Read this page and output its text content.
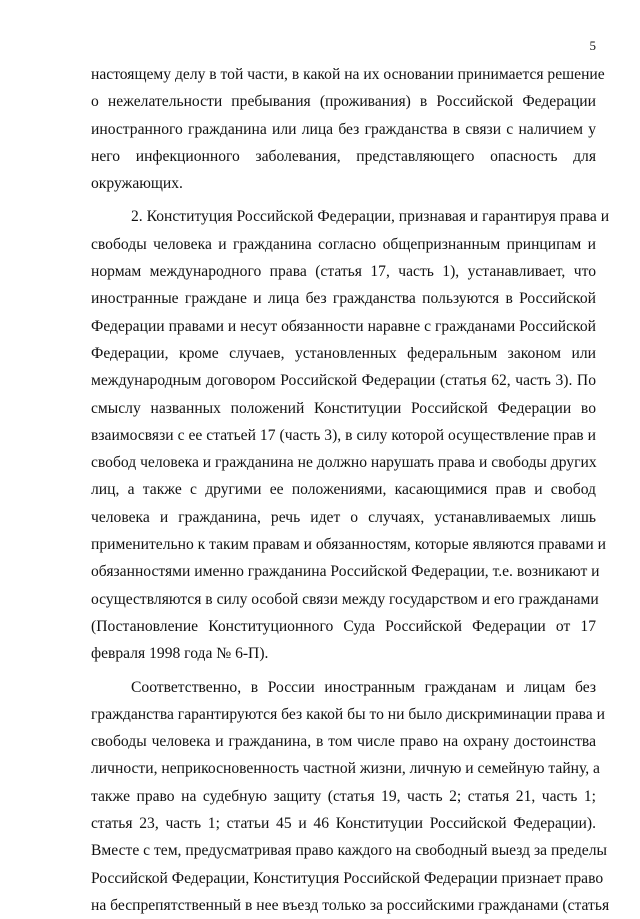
5
настоящему делу в той части, в какой на их основании принимается решение
о нежелательности пребывания (проживания) в Российской Федерации
иностранного гражданина или лица без гражданства в связи с наличием у
него инфекционного заболевания, представляющего опасность для
окружающих.
2. Конституция Российской Федерации, признавая и гарантируя права и
свободы человека и гражданина согласно общепризнанным принципам и
нормам международного права (статья 17, часть 1), устанавливает, что
иностранные граждане и лица без гражданства пользуются в Российской
Федерации правами и несут обязанности наравне с гражданами Российской
Федерации, кроме случаев, установленных федеральным законом или
международным договором Российской Федерации (статья 62, часть 3). По
смыслу названных положений Конституции Российской Федерации во
взаимосвязи с ее статьей 17 (часть 3), в силу которой осуществление прав и
свобод человека и гражданина не должно нарушать права и свободы других
лиц, а также с другими ее положениями, касающимися прав и свобод
человека и гражданина, речь идет о случаях, устанавливаемых лишь
применительно к таким правам и обязанностям, которые являются правами и
обязанностями именно гражданина Российской Федерации, т.е. возникают и
осуществляются в силу особой связи между государством и его гражданами
(Постановление Конституционного Суда Российской Федерации от 17
февраля 1998 года № 6-П).
Соответственно, в России иностранным гражданам и лицам без
гражданства гарантируются без какой бы то ни было дискриминации права и
свободы человека и гражданина, в том числе право на охрану достоинства
личности, неприкосновенность частной жизни, личную и семейную тайну, а
также право на судебную защиту (статья 19, часть 2; статья 21, часть 1;
статья 23, часть 1; статьи 45 и 46 Конституции Российской Федерации).
Вместе с тем, предусматривая право каждого на свободный выезд за пределы
Российской Федерации, Конституция Российской Федерации признает право
на беспрепятственный в нее въезд только за российскими гражданами (статья
